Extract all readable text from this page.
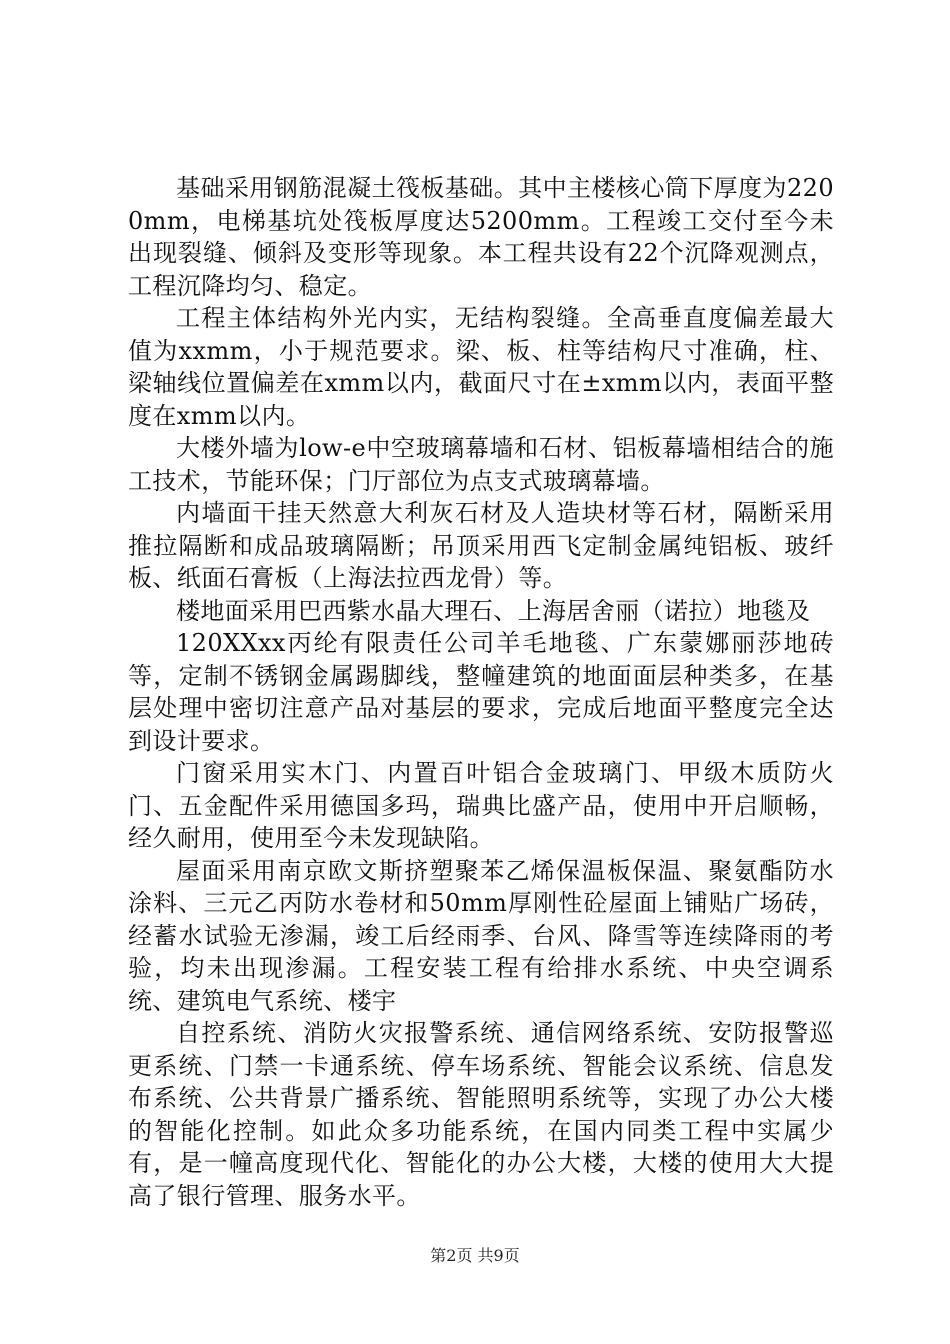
基础采用钢筋混凝土筏板基础。其中主楼核心筒下厚度为2200mm，电梯基坑处筏板厚度达5200mm。工程竣工交付至今未出现裂缝、倾斜及变形等现象。本工程共设有22个沉降观测点，工程沉降均匀、稳定。

工程主体结构外光内实，无结构裂缝。全高垂直度偏差最大值为xxmm，小于规范要求。梁、板、柱等结构尺寸准确，柱、梁轴线位置偏差在xmm以内，截面尺寸在±xmm以内，表面平整度在xmm以内。

大楼外墙为low-e中空玻璃幕墙和石材、铝板幕墙相结合的施工技术，节能环保；门厅部位为点支式玻璃幕墙。

内墙面干挂天然意大利灰石材及人造块材等石材，隔断采用推拉隔断和成品玻璃隔断；吊顶采用西飞定制金属纯铝板、玻纤板、纸面石膏板（上海法拉西龙骨）等。

楼地面采用巴西紫水晶大理石、上海居舍丽（诺拉）地毯及

120XXxx丙纶有限责任公司羊毛地毯、广东蒙娜丽莎地砖等，定制不锈钢金属踢脚线，整幢建筑的地面面层种类多，在基层处理中密切注意产品对基层的要求，完成后地面平整度完全达到设计要求。

门窗采用实木门、内置百叶铝合金玻璃门、甲级木质防火门、五金配件采用德国多玛，瑞典比盛产品，使用中开启顺畅，经久耐用，使用至今未发现缺陷。

屋面采用南京欧文斯挤塑聚苯乙烯保温板保温、聚氨酯防水涂料、三元乙丙防水卷材和50mm厚刚性砼屋面上铺贴广场砖，经蓄水试验无渗漏，竣工后经雨季、台风、降雪等连续降雨的考验，均未出现渗漏。工程安装工程有给排水系统、中央空调系统、建筑电气系统、楼宇

自控系统、消防火灾报警系统、通信网络系统、安防报警巡更系统、门禁一卡通系统、停车场系统、智能会议系统、信息发布系统、公共背景广播系统、智能照明系统等，实现了办公大楼的智能化控制。如此众多功能系统，在国内同类工程中实属少有，是一幢高度现代化、智能化的办公大楼，大楼的使用大大提高了银行管理、服务水平。

第2页 共9页
